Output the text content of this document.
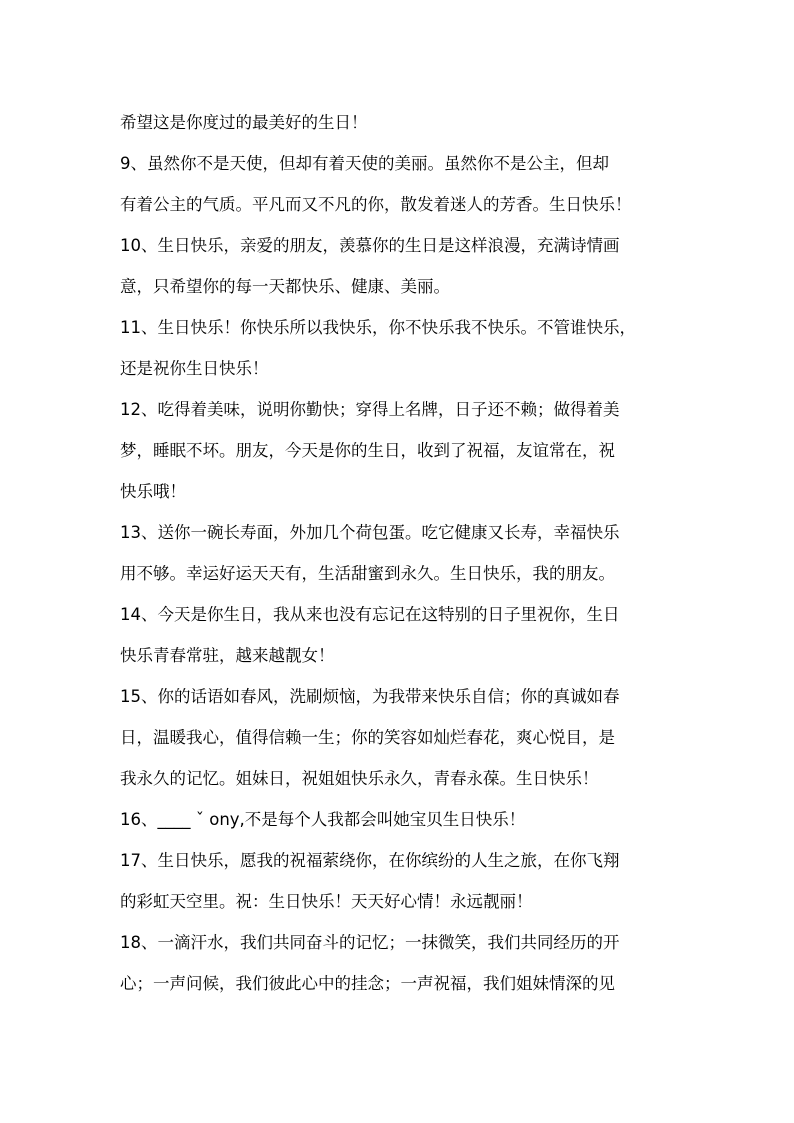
希望这是你度过的最美好的生日！
9、虽然你不是天使，但却有着天使的美丽。虽然你不是公主，但却
有着公主的气质。平凡而又不凡的你，散发着迷人的芳香。生日快乐！
10、生日快乐，亲爱的朋友，羡慕你的生日是这样浪漫，充满诗情画
意，只希望你的每一天都快乐、健康、美丽。
11、生日快乐！你快乐所以我快乐，你不快乐我不快乐。不管谁快乐，
还是祝你生日快乐！
12、吃得着美味，说明你勤快；穿得上名牌，日子还不赖；做得着美
梦，睡眠不坏。朋友，今天是你的生日，收到了祝福，友谊常在，祝
快乐哦！
13、送你一碗长寿面，外加几个荷包蛋。吃它健康又长寿，幸福快乐
用不够。幸运好运天天有，生活甜蜜到永久。生日快乐，我的朋友。
14、今天是你生日，我从来也没有忘记在这特别的日子里祝你，生日
快乐青春常驻，越来越靓女！
15、你的话语如春风，洗刷烦恼，为我带来快乐自信；你的真诚如春
日，温暖我心，值得信赖一生；你的笑容如灿烂春花，爽心悦目，是
我永久的记忆。姐妹日，祝姐姐快乐永久，青春永葆。生日快乐！
16、____ ˇ ony,不是每个人我都会叫她宝贝生日快乐！
17、生日快乐，愿我的祝福萦绕你，在你缤纷的人生之旅，在你飞翔
的彩虹天空里。祝：生日快乐！天天好心情！永远靓丽！
18、一滴汗水，我们共同奋斗的记忆；一抹微笑，我们共同经历的开
心；一声问候，我们彼此心中的挂念；一声祝福，我们姐妹情深的见
